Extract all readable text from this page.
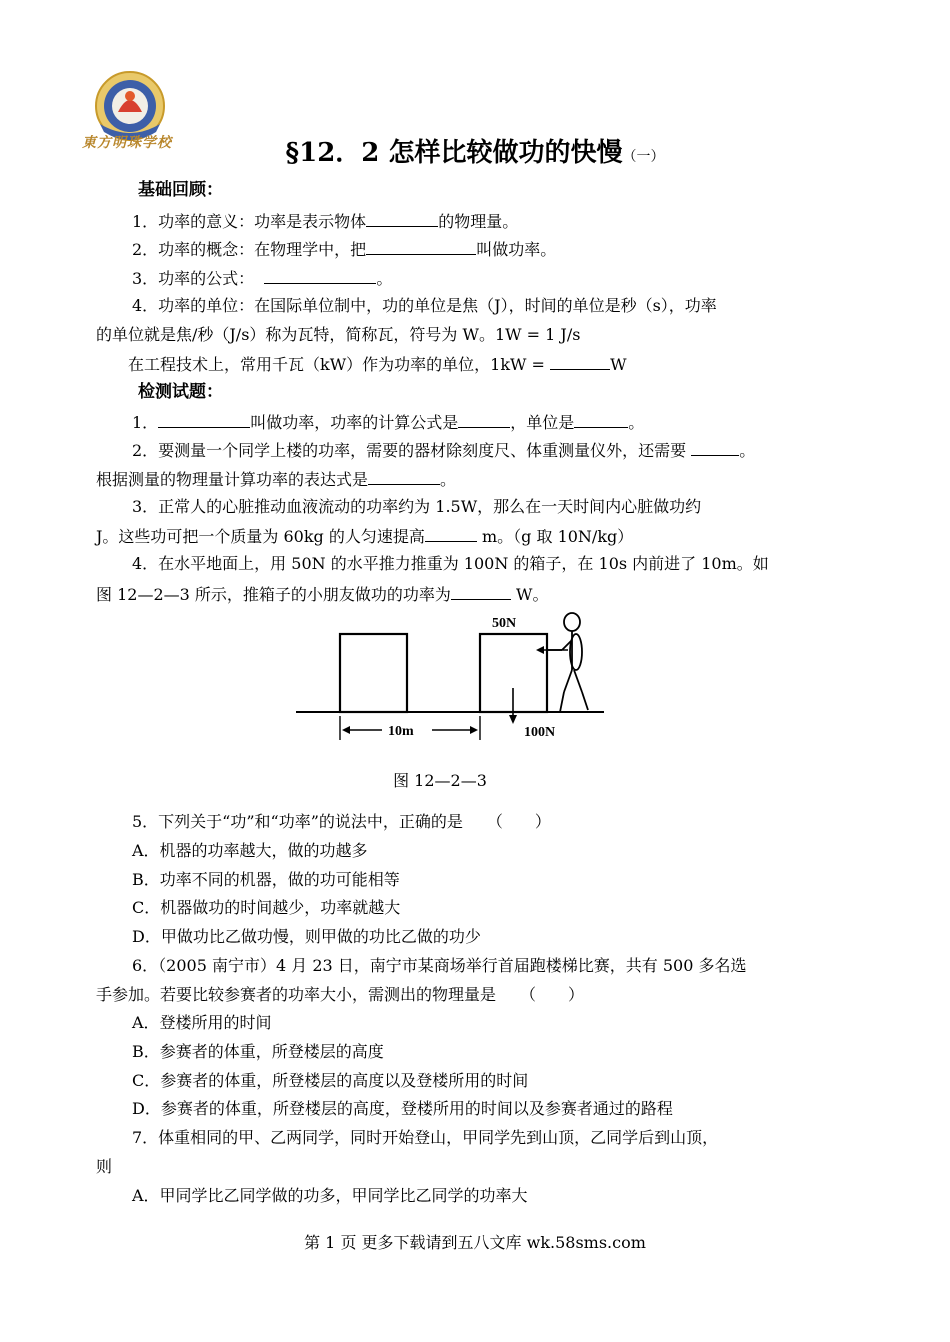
東方明珠学校	§12．2 怎样比较做功的快慢（一）
基础回顾：
1．功率的意义：功率是表示物体	的物理量。
2．功率的概念：在物理学中，把	叫做功率。
3．功率的公式：	。
4．功率的单位：在国际单位制中，功的单位是焦（J），时间的单位是秒（s），功率
的单位就是焦/秒（J/s）称为瓦特，简称瓦，符号为 W。1W = 1 J/s
在工程技术上，常用千瓦（kW）作为功率的单位，1kW =	W
检测试题：
1．	叫做功率，功率的计算公式是	，单位是	。
2．要测量一个同学上楼的功率，需要的器材除刻度尺、体重测量仪外，还需要	。
根据测量的物理量计算功率的表达式是	。
3．正常人的心脏推动血液流动的功率约为 1.5W，那么在一天时间内心脏做功约
J。这些功可把一个质量为 60kg 的人匀速提高	m。（g 取 10N/kg）
4．在水平地面上，用 50N 的水平推力推重为 100N 的箱子，在 10s 内前进了 10m。如
图 12—2—3 所示，推箱子的小朋友做功的功率为	W。
50N
100N
10m
图 12—2—3
5．下列关于“功”和“功率”的说法中，正确的是　　（　　）
A．机器的功率越大，做的功越多
B．功率不同的机器，做的功可能相等
C．机器做功的时间越少，功率就越大
D．甲做功比乙做功慢，则甲做的功比乙做的功少
6．（2005 南宁市）4 月 23 日，南宁市某商场举行首届跑楼梯比赛，共有 500 多名选
手参加。若要比较参赛者的功率大小，需测出的物理量是　　（　　）
A．登楼所用的时间
B．参赛者的体重，所登楼层的高度
C．参赛者的体重，所登楼层的高度以及登楼所用的时间
D．参赛者的体重，所登楼层的高度，登楼所用的时间以及参赛者通过的路程
7．体重相同的甲、乙两同学，同时开始登山，甲同学先到山顶，乙同学后到山顶，
则
A．甲同学比乙同学做的功多，甲同学比乙同学的功率大
第 1 页 更多下载请到五八文库 wk.58sms.com
